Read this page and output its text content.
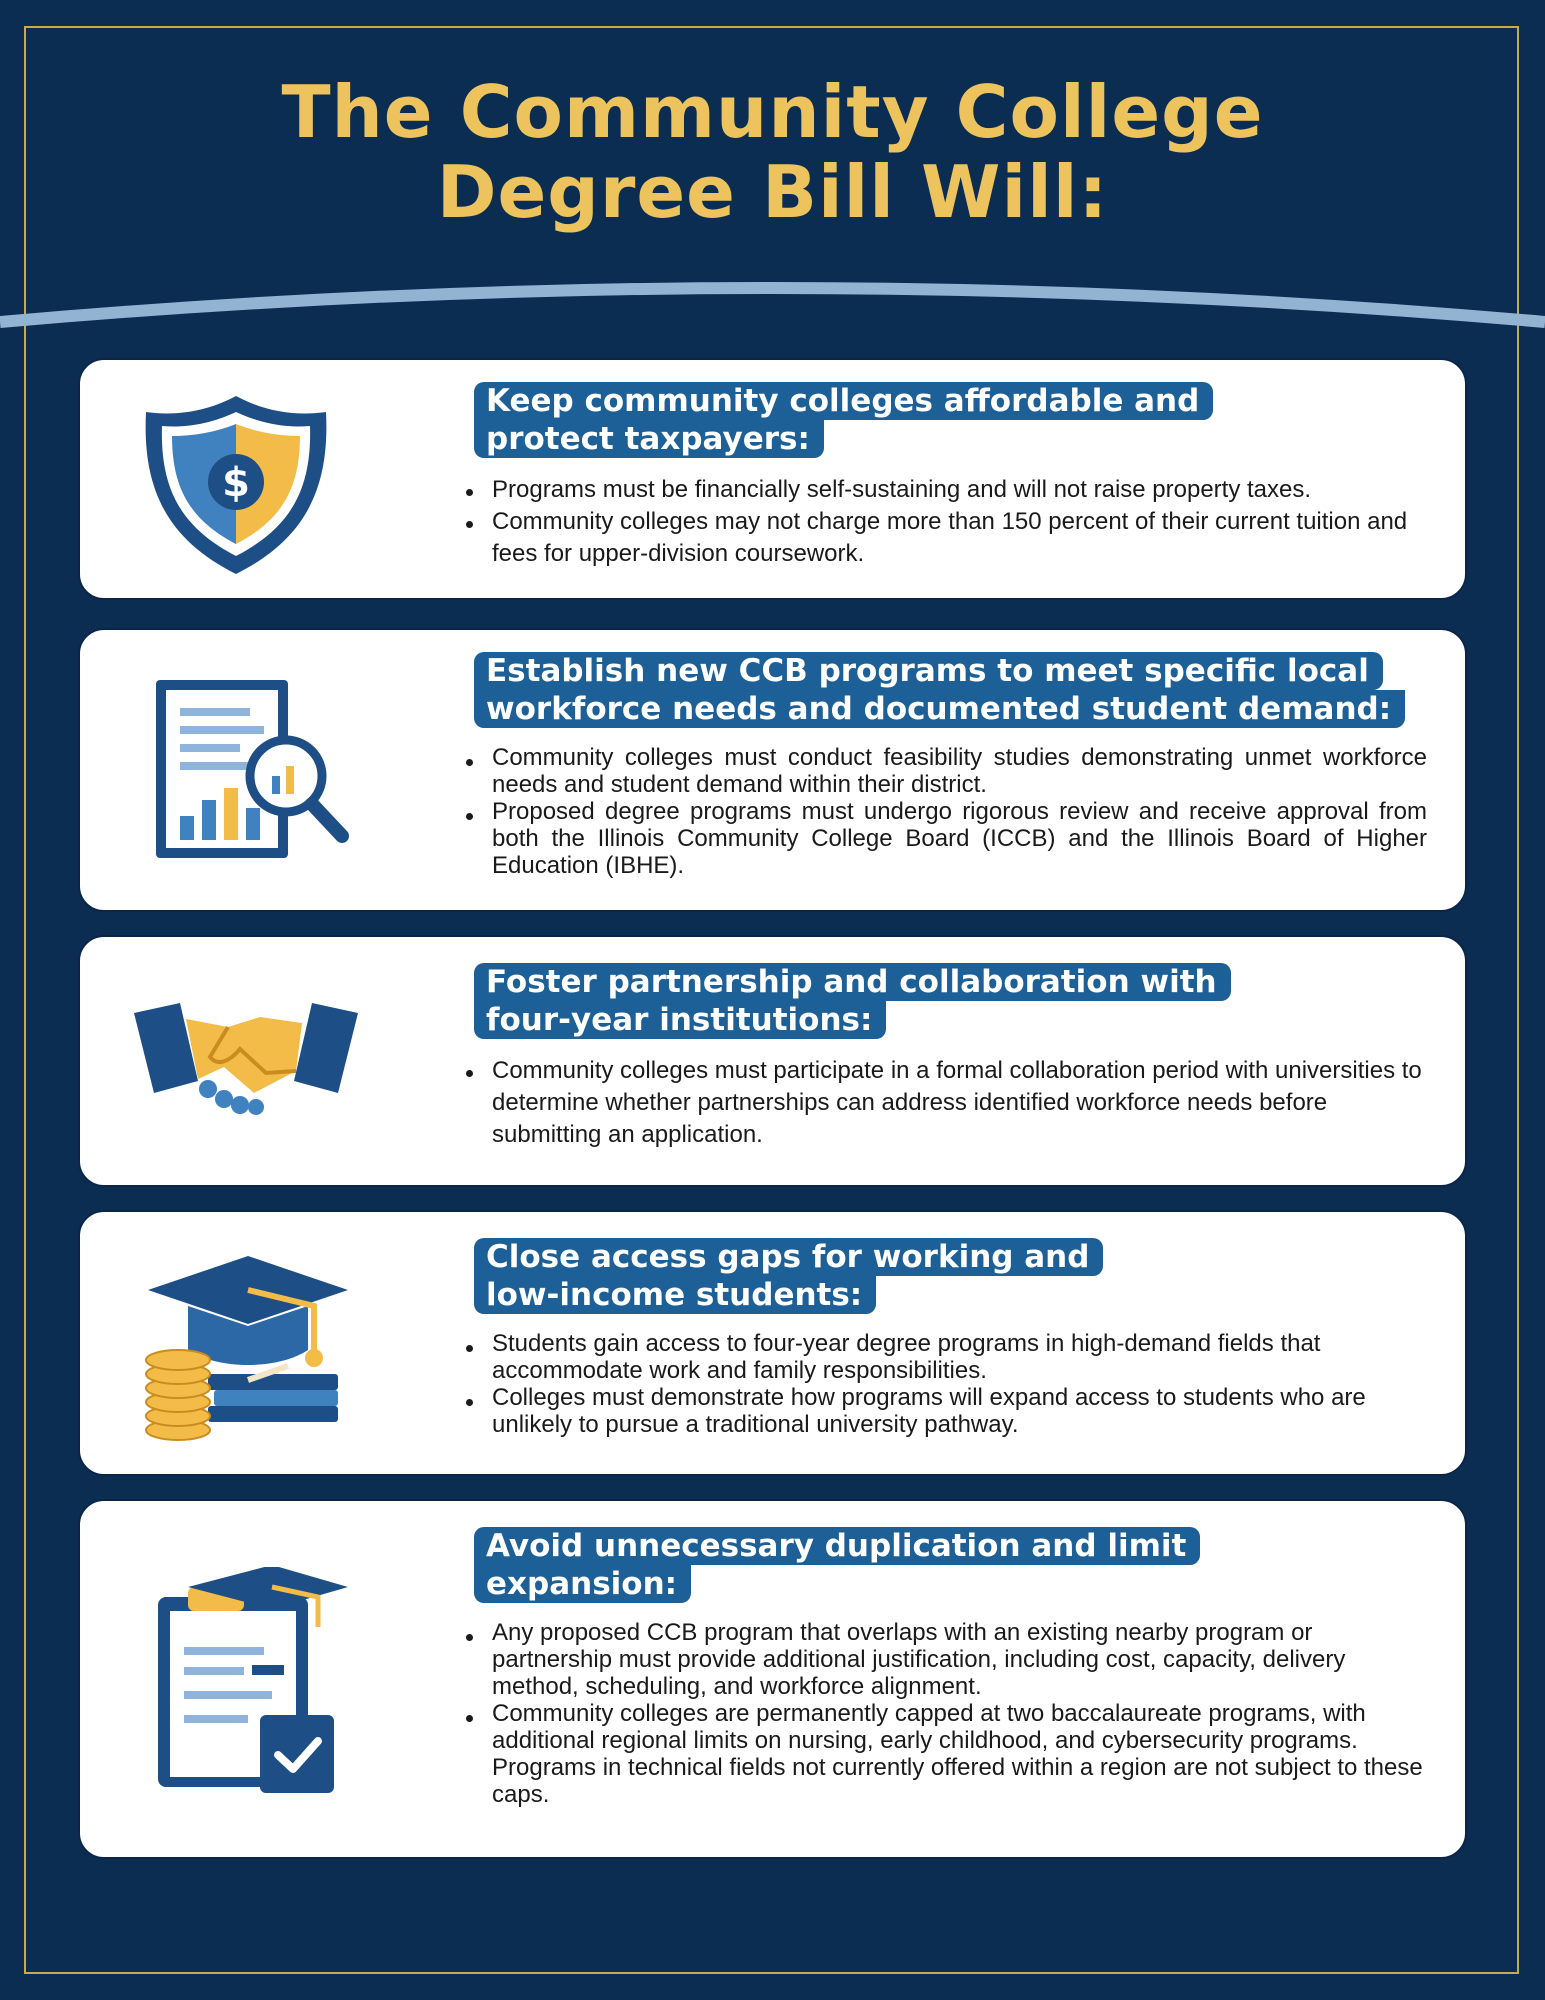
The Community College
Degree Bill Will:
$
Keep community colleges affordable and
protect taxpayers:
Programs must be financially self-sustaining and will not raise property taxes.
Community colleges may not charge more than 150 percent of their current tuition and fees for upper-division coursework.
Establish new CCB programs to meet specific local
workforce needs and documented student demand:
Community colleges must conduct feasibility studies demonstrating unmet workforce needs and student demand within their district.
Proposed degree programs must undergo rigorous review and receive approval from both the Illinois Community College Board (ICCB) and the Illinois Board of Higher Education (IBHE).
Foster partnership and collaboration with
four-year institutions:
Community colleges must participate in a formal collaboration period with universities to determine whether partnerships can address identified workforce needs before submitting an application.
Close access gaps for working and
low-income students:
Students gain access to four-year degree programs in high-demand fields that accommodate work and family responsibilities.
Colleges must demonstrate how programs will expand access to students who are unlikely to pursue a traditional university pathway.
Avoid unnecessary duplication and limit
expansion:
Any proposed CCB program that overlaps with an existing nearby program or partnership must provide additional justification, including cost, capacity, delivery method, scheduling, and workforce alignment.
Community colleges are permanently capped at two baccalaureate programs, with additional regional limits on nursing, early childhood, and cybersecurity programs. Programs in technical fields not currently offered within a region are not subject to these caps.
